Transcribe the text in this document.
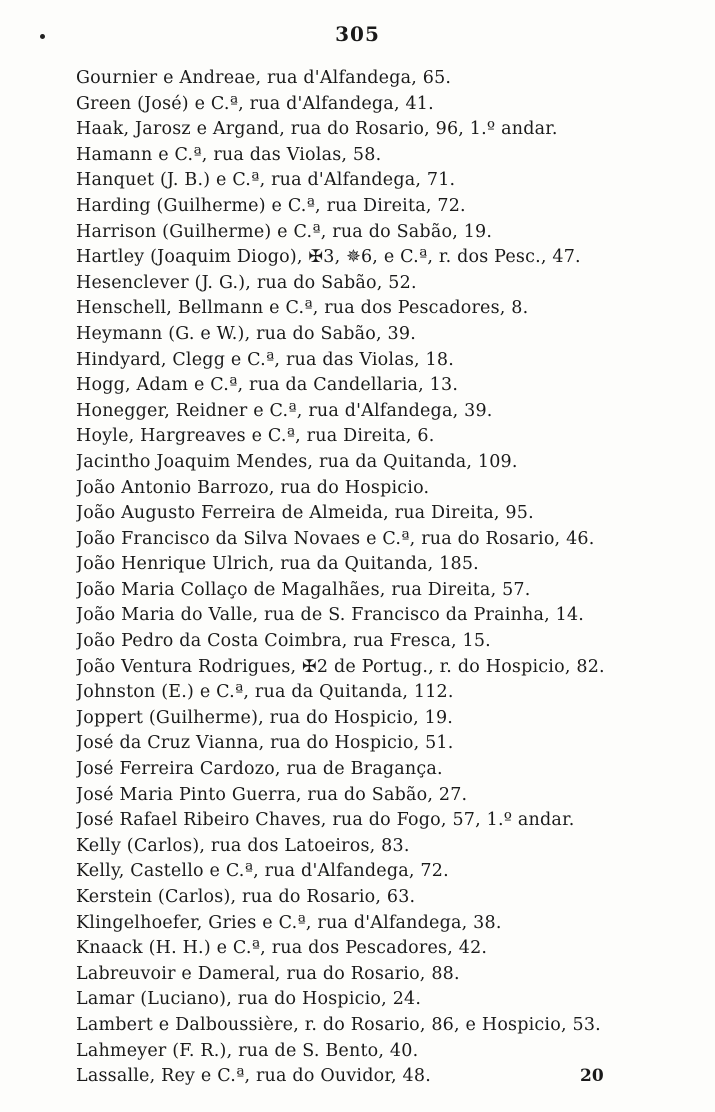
305
Gournier e Andreae, rua d'Alfandega, 65.
Green (José) e C.ª, rua d'Alfandega, 41.
Haak, Jarosz e Argand, rua do Rosario, 96, 1.º andar.
Hamann e C.ª, rua das Violas, 58.
Hanquet (J. B.) e C.ª, rua d'Alfandega, 71.
Harding (Guilherme) e C.ª, rua Direita, 72.
Harrison (Guilherme) e C.ª, rua do Sabão, 19.
Hartley (Joaquim Diogo), ✠3, ✵6, e C.ª, r. dos Pesc., 47.
Hesenclever (J. G.), rua do Sabão, 52.
Henschell, Bellmann e C.ª, rua dos Pescadores, 8.
Heymann (G. e W.), rua do Sabão, 39.
Hindyard, Clegg e C.ª, rua das Violas, 18.
Hogg, Adam e C.ª, rua da Candellaria, 13.
Honegger, Reidner e C.ª, rua d'Alfandega, 39.
Hoyle, Hargreaves e C.ª, rua Direita, 6.
Jacintho Joaquim Mendes, rua da Quitanda, 109.
João Antonio Barrozo, rua do Hospicio.
João Augusto Ferreira de Almeida, rua Direita, 95.
João Francisco da Silva Novaes e C.ª, rua do Rosario, 46.
João Henrique Ulrich, rua da Quitanda, 185.
João Maria Collaço de Magalhães, rua Direita, 57.
João Maria do Valle, rua de S. Francisco da Prainha, 14.
João Pedro da Costa Coimbra, rua Fresca, 15.
João Ventura Rodrigues, ✠2 de Portug., r. do Hospicio, 82.
Johnston (E.) e C.ª, rua da Quitanda, 112.
Joppert (Guilherme), rua do Hospicio, 19.
José da Cruz Vianna, rua do Hospicio, 51.
José Ferreira Cardozo, rua de Bragança.
José Maria Pinto Guerra, rua do Sabão, 27.
José Rafael Ribeiro Chaves, rua do Fogo, 57, 1.º andar.
Kelly (Carlos), rua dos Latoeiros, 83.
Kelly, Castello e C.ª, rua d'Alfandega, 72.
Kerstein (Carlos), rua do Rosario, 63.
Klingelhoefer, Gries e C.ª, rua d'Alfandega, 38.
Knaack (H. H.) e C.ª, rua dos Pescadores, 42.
Labreuvoir e Dameral, rua do Rosario, 88.
Lamar (Luciano), rua do Hospicio, 24.
Lambert e Dalboussière, r. do Rosario, 86, e Hospicio, 53.
Lahmeyer (F. R.), rua de S. Bento, 40.
Lassalle, Rey e C.ª, rua do Ouvidor, 48.	20
